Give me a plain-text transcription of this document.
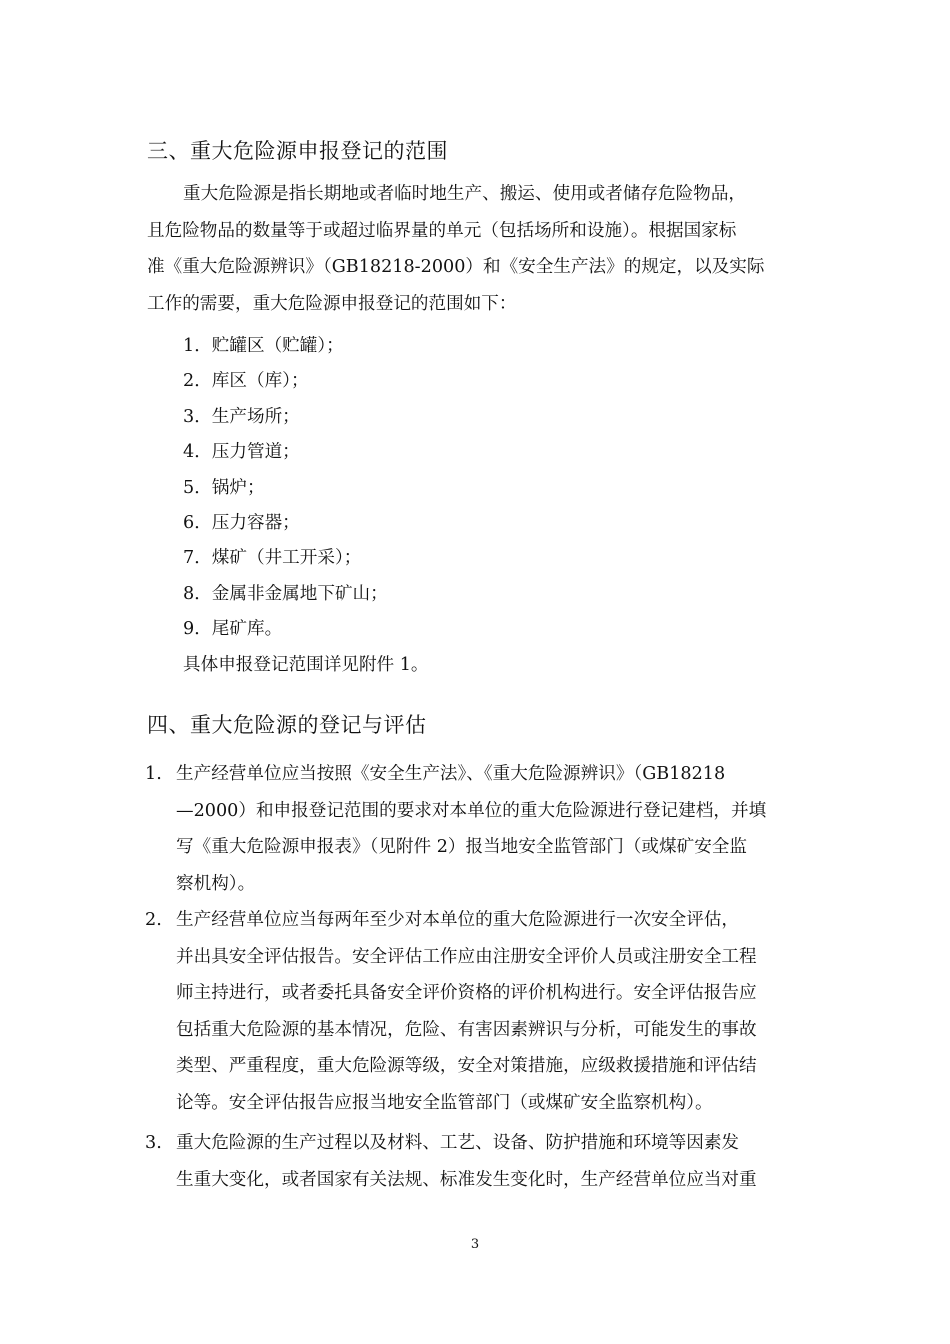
三、重大危险源申报登记的范围
重大危险源是指长期地或者临时地生产、搬运、使用或者储存危险物品，
且危险物品的数量等于或超过临界量的单元（包括场所和设施）。根据国家标
准《重大危险源辨识》（GB18218-2000）和《安全生产法》的规定，以及实际
工作的需要，重大危险源申报登记的范围如下：
1．贮罐区（贮罐）；
2．库区（库）；
3．生产场所；
4．压力管道；
5．锅炉；
6．压力容器；
7．煤矿（井工开采）；
8．金属非金属地下矿山；
9．尾矿库。
具体申报登记范围详见附件 1。
四、重大危险源的登记与评估
1. 生产经营单位应当按照《安全生产法》、《重大危险源辨识》（GB18218
—2000）和申报登记范围的要求对本单位的重大危险源进行登记建档，并填
写《重大危险源申报表》（见附件 2）报当地安全监管部门（或煤矿安全监
察机构）。
2. 生产经营单位应当每两年至少对本单位的重大危险源进行一次安全评估，
并出具安全评估报告。安全评估工作应由注册安全评价人员或注册安全工程
师主持进行，或者委托具备安全评价资格的评价机构进行。安全评估报告应
包括重大危险源的基本情况，危险、有害因素辨识与分析，可能发生的事故
类型、严重程度，重大危险源等级，安全对策措施，应级救援措施和评估结
论等。安全评估报告应报当地安全监管部门（或煤矿安全监察机构）。
3. 重大危险源的生产过程以及材料、工艺、设备、防护措施和环境等因素发
生重大变化，或者国家有关法规、标准发生变化时，生产经营单位应当对重
3
